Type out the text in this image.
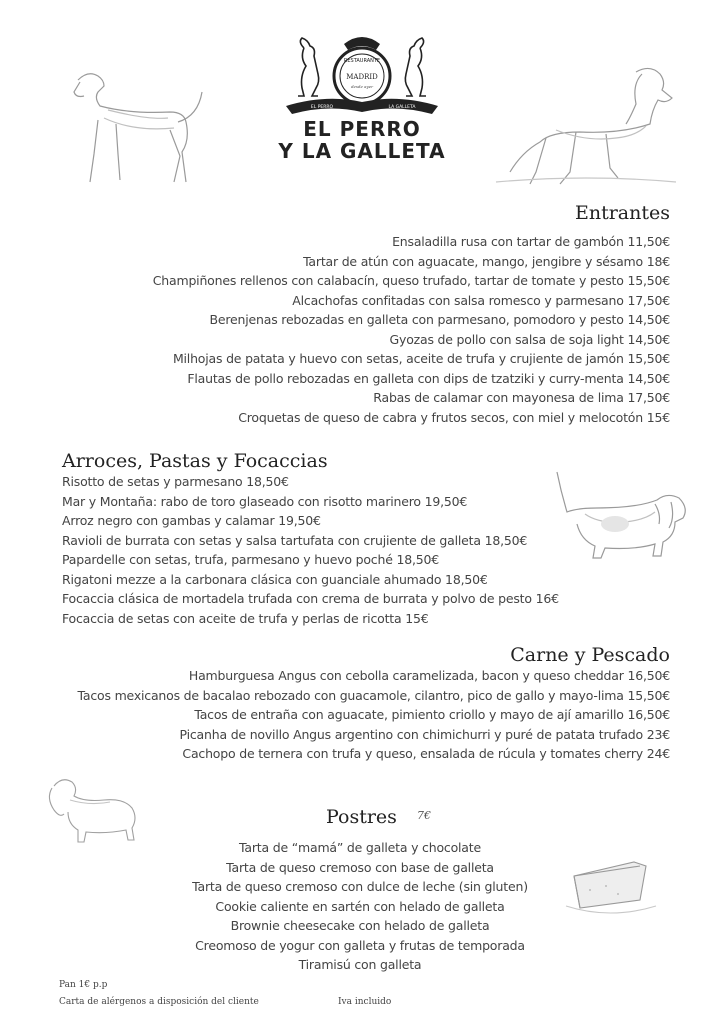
RESTAURANTE
MADRID
desde ayer
EL PERRO	LA GALLETA
EL PERRO
Y LA GALLETA
Entrantes
Ensaladilla rusa con tartar de gambón 11,50€
Tartar de atún con aguacate, mango, jengibre y sésamo 18€
Champiñones rellenos con calabacín, queso trufado, tartar de tomate y pesto 15,50€
Alcachofas confitadas con salsa romesco y parmesano 17,50€
Berenjenas rebozadas en galleta con parmesano, pomodoro y pesto 14,50€
Gyozas de pollo con salsa de soja light 14,50€
Milhojas de patata y huevo con setas, aceite de trufa y crujiente de jamón 15,50€
Flautas de pollo rebozadas en galleta con dips de tzatziki y curry-menta 14,50€
Rabas de calamar con mayonesa de lima 17,50€
Croquetas de queso de cabra y frutos secos, con miel y melocotón 15€
Arroces, Pastas y Focaccias
Risotto de setas y parmesano 18,50€
Mar y Montaña: rabo de toro glaseado con risotto marinero 19,50€
Arroz negro con gambas y calamar 19,50€
Ravioli de burrata con setas y salsa tartufata con crujiente de galleta 18,50€
Papardelle con setas, trufa, parmesano y huevo poché 18,50€
Rigatoni mezze a la carbonara clásica con guanciale ahumado 18,50€
Focaccia clásica de mortadela trufada con crema de burrata y polvo de pesto 16€
Focaccia de setas con aceite de trufa y perlas de ricotta 15€
Carne y Pescado
Hamburguesa Angus con cebolla caramelizada, bacon y queso cheddar 16,50€
Tacos mexicanos de bacalao rebozado con guacamole, cilantro, pico de gallo y mayo-lima 15,50€
Tacos de entraña con aguacate, pimiento criollo y mayo de ají amarillo 16,50€
Picanha de novillo Angus argentino con chimichurri y puré de patata trufado 23€
Cachopo de ternera con trufa y queso, ensalada de rúcula y tomates cherry 24€
Postres 7€
Tarta de “mamá” de galleta y chocolate
Tarta de queso cremoso con base de galleta
Tarta de queso cremoso con dulce de leche (sin gluten)
Cookie caliente en sartén con helado de galleta
Brownie cheesecake con helado de galleta
Creomoso de yogur con galleta y frutas de temporada
Tiramisú con galleta
Pan 1€ p.p
Carta de alérgenos a disposición del cliente	Iva incluido
